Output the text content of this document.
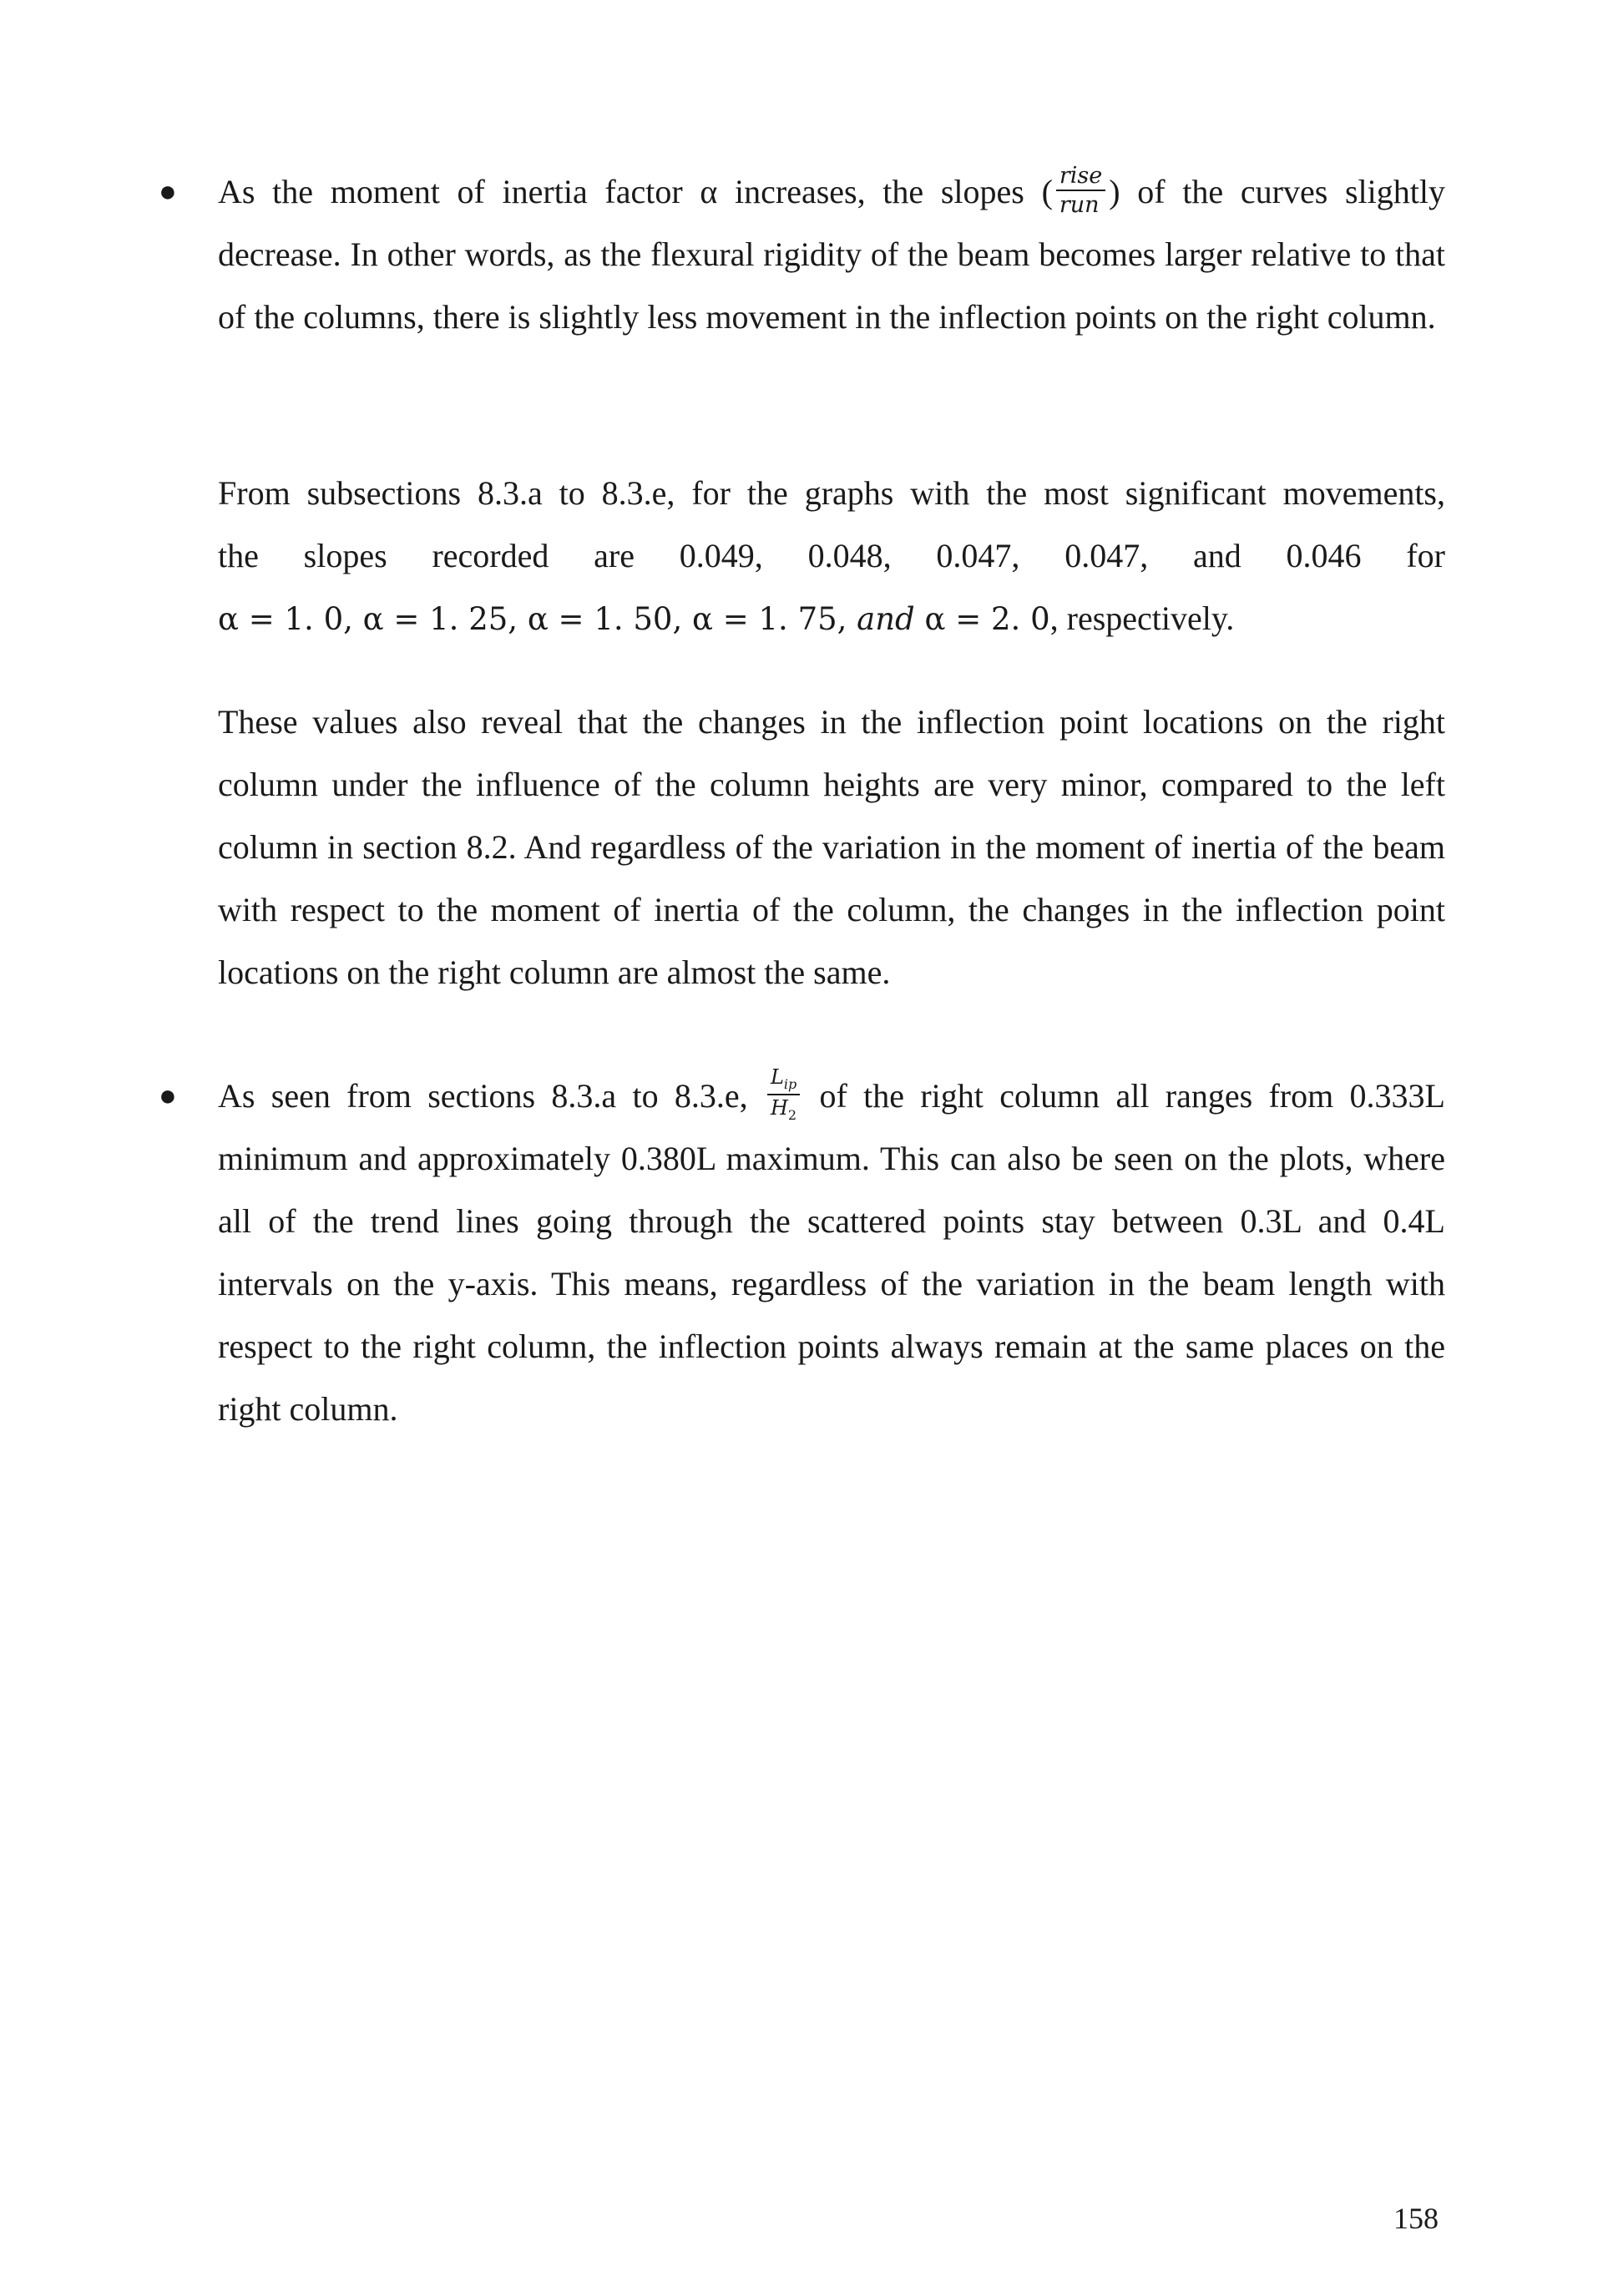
● As the moment of inertia factor α increases, the slopes ( $\frac{\text{rise}}{\text{run}}$ ) of the curves slightly
decrease. In other words, as the flexural rigidity of the beam becomes larger relative to that of the columns, there is slightly less movement in the inflection points on the right column.
From subsections 8.3.a to 8.3.e, for the graphs with the most significant movements,
the slopes recorded are 0.049, 0.048, 0.047, 0.047, and 0.046 for
α = 1. 0, α = 1. 25, α = 1. 50, α = 1. 75, and α = 2. 0, respectively.
These values also reveal that the changes in the inflection point locations on the right column under the influence of the column heights are very minor, compared to the left column in section 8.2. And regardless of the variation in the moment of inertia of the beam with respect to the moment of inertia of the column, the changes in the inflection point locations on the right column are almost the same.
● As seen from sections 8.3.a to 8.3.e, $\frac{L_{ip}}{H_2}$ of the right column all ranges from 0.333L
minimum and approximately 0.380L maximum. This can also be seen on the plots, where all of the trend lines going through the scattered points stay between 0.3L and 0.4L intervals on the y-axis. This means, regardless of the variation in the beam length with respect to the right column, the inflection points always remain at the same places on the right column.
158
